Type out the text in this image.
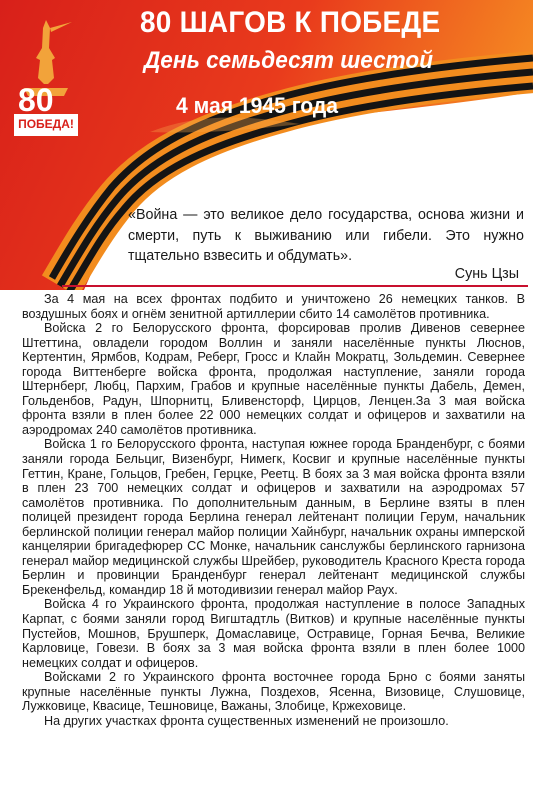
80
ПОБЕДА!
80 ШАГОВ К ПОБЕДЕ
День семьдесят шестой
4 мая 1945 года
«Война — это великое дело государства, основа жизни и смерти, путь к выживанию или гибели. Это нужно тщательно взвесить и обдумать».
Сунь Цзы

За 4 мая на всех фронтах подбито и уничтожено 26 немецких танков. В воздушных боях и огнём зенитной артиллерии сбито 14 самолётов противника.

Войска 2 го Белорусского фронта, форсировав пролив Дивенов севернее Штеттина, овладели городом Воллин и заняли населённые пункты Люснов, Кертентин, Ярмбов, Кодрам, Реберг, Гросс и Клайн Мократц, Зольдемин. Севернее города Виттенберге войска фронта, продолжая наступление, заняли города Штернберг, Любц, Пархим, Грабов и крупные населённые пункты Дабель, Демен, Гольденбов, Радун, Шпорнитц, Бливенсторф, Цирцов, Ленцен.За 3 мая войска фронта взяли в плен более 22 000 немецких солдат и офицеров и захватили на аэродромах 240 самолётов противника.

Войска 1 го Белорусского фронта, наступая южнее города Бранденбург, с боями заняли города Бельциг, Визенбург, Нимегк, Косвиг и крупные населённые пункты Геттин, Кране, Гольцов, Гребен, Герцке, Реетц. В боях за 3 мая войска фронта взяли в плен 23 700 немецких солдат и офицеров и захватили на аэродромах 57 самолётов противника. По дополнительным данным, в Берлине взяты в плен полицей президент города Берлина генерал лейтенант полиции Герум, начальник берлинской полиции генерал майор полиции Хайнбург, начальник охраны имперской канцелярии бригадефюрер СС Монке, начальник санслужбы берлинского гарнизона генерал майор медицинской службы Шрейбер, руководитель Красного Креста города Берлин и провинции Бранденбург генерал лейтенант медицинской службы Брекенфельд, командир 18 й мотодивизии генерал майор Раух.

Войска 4 го Украинского фронта, продолжая наступление в полосе Западных Карпат, с боями заняли город Вигштадтль (Витков) и крупные населённые пункты Пустейов, Мошнов, Брушперк, Домаславице, Остравице, Горная Бечва, Великие Карловице, Говези. В боях за 3 мая войска фронта взяли в плен более 1000 немецких солдат и офицеров.

Войсками 2 го Украинского фронта восточнее города Брно с боями заняты крупные населённые пункты Лужна, Поздехов, Ясенна, Визовице, Слушовице, Лужковице, Квасице, Тешновице, Важаны, Злобице, Кржеховице.

На других участках фронта существенных изменений не произошло.
